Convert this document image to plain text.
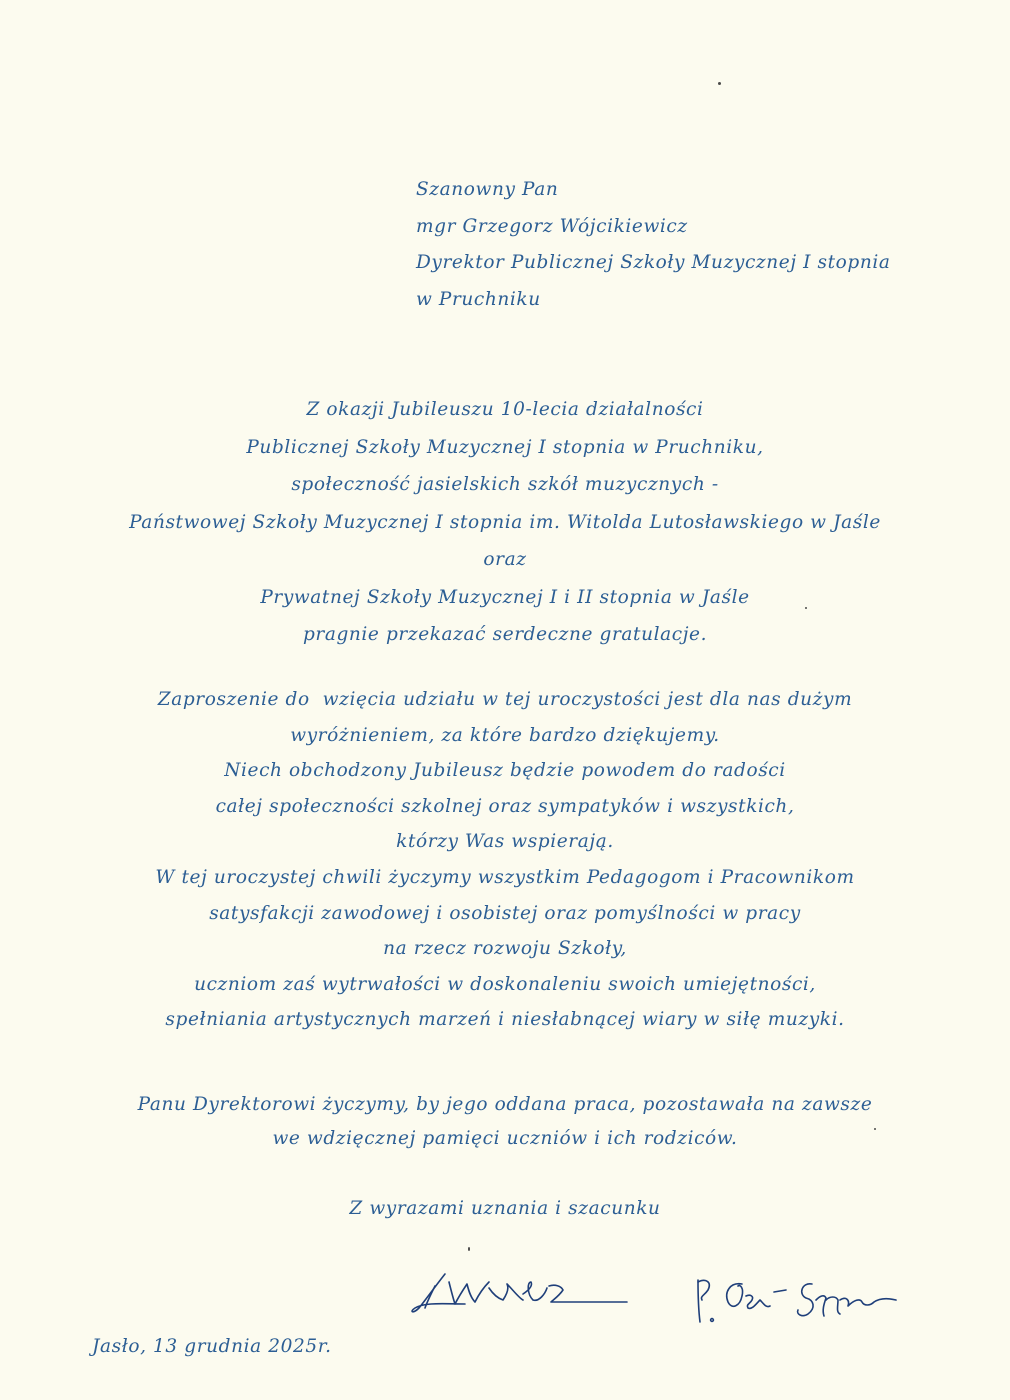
Szanowny Pan
mgr Grzegorz Wójcikiewicz
Dyrektor Publicznej Szkoły Muzycznej I stopnia
w Pruchniku
Z okazji Jubileuszu 10-lecia działalności
Publicznej Szkoły Muzycznej I stopnia w Pruchniku,
społeczność jasielskich szkół muzycznych -
Państwowej Szkoły Muzycznej I stopnia im. Witolda Lutosławskiego w Jaśle
oraz
Prywatnej Szkoły Muzycznej I i II stopnia w Jaśle
pragnie przekazać serdeczne gratulacje.
Zaproszenie do  wzięcia udziału w tej uroczystości jest dla nas dużym
wyróżnieniem, za które bardzo dziękujemy.
Niech obchodzony Jubileusz będzie powodem do radości
całej społeczności szkolnej oraz sympatyków i wszystkich,
którzy Was wspierają.
W tej uroczystej chwili życzymy wszystkim Pedagogom i Pracownikom
satysfakcji zawodowej i osobistej oraz pomyślności w pracy
na rzecz rozwoju Szkoły,
uczniom zaś wytrwałości w doskonaleniu swoich umiejętności,
spełniania artystycznych marzeń i niesłabnącej wiary w siłę muzyki.
Panu Dyrektorowi życzymy, by jego oddana praca, pozostawała na zawsze
we wdzięcznej pamięci uczniów i ich rodziców.
Z wyrazami uznania i szacunku
Jasło, 13 grudnia 2025r.
